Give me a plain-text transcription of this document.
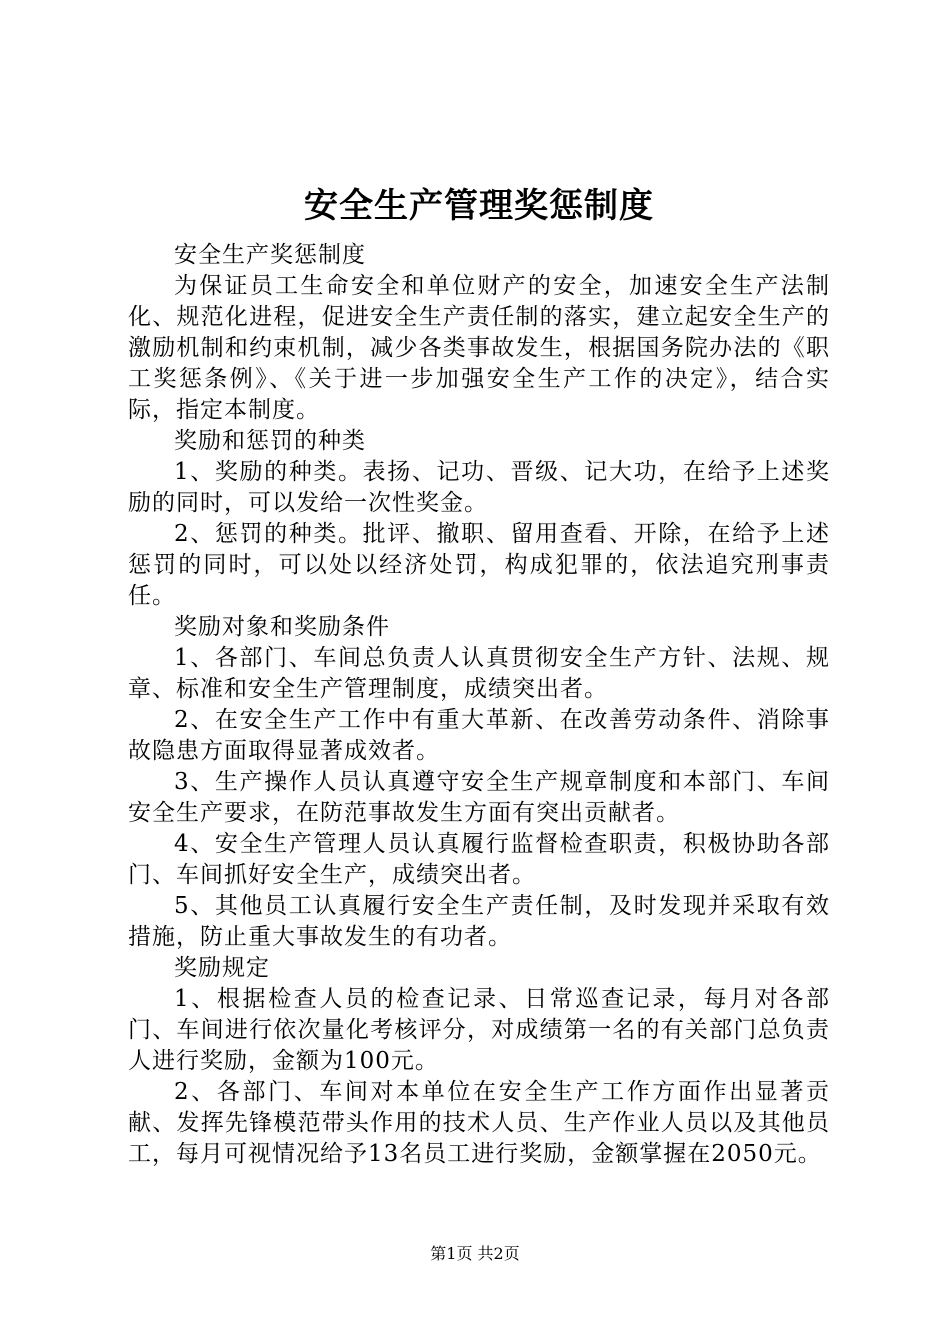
安全生产管理奖惩制度

安全生产奖惩制度

为保证员工生命安全和单位财产的安全，加速安全生产法制化、规范化进程，促进安全生产责任制的落实，建立起安全生产的激励机制和约束机制，减少各类事故发生，根据国务院办法的《职工奖惩条例》、《关于进一步加强安全生产工作的决定》，结合实际，指定本制度。

奖励和惩罚的种类

1、奖励的种类。表扬、记功、晋级、记大功，在给予上述奖励的同时，可以发给一次性奖金。

2、惩罚的种类。批评、撤职、留用查看、开除，在给予上述惩罚的同时，可以处以经济处罚，构成犯罪的，依法追究刑事责任。

奖励对象和奖励条件

1、各部门、车间总负责人认真贯彻安全生产方针、法规、规章、标准和安全生产管理制度，成绩突出者。

2、在安全生产工作中有重大革新、在改善劳动条件、消除事故隐患方面取得显著成效者。

3、生产操作人员认真遵守安全生产规章制度和本部门、车间安全生产要求，在防范事故发生方面有突出贡献者。

4、安全生产管理人员认真履行监督检查职责，积极协助各部门、车间抓好安全生产，成绩突出者。

5、其他员工认真履行安全生产责任制，及时发现并采取有效措施，防止重大事故发生的有功者。

奖励规定

1、根据检查人员的检查记录、日常巡查记录，每月对各部门、车间进行依次量化考核评分，对成绩第一名的有关部门总负责人进行奖励，金额为100元。

2、各部门、车间对本单位在安全生产工作方面作出显著贡献、发挥先锋模范带头作用的技术人员、生产作业人员以及其他员工，每月可视情况给予13名员工进行奖励，金额掌握在2050元。

第1页 共2页
